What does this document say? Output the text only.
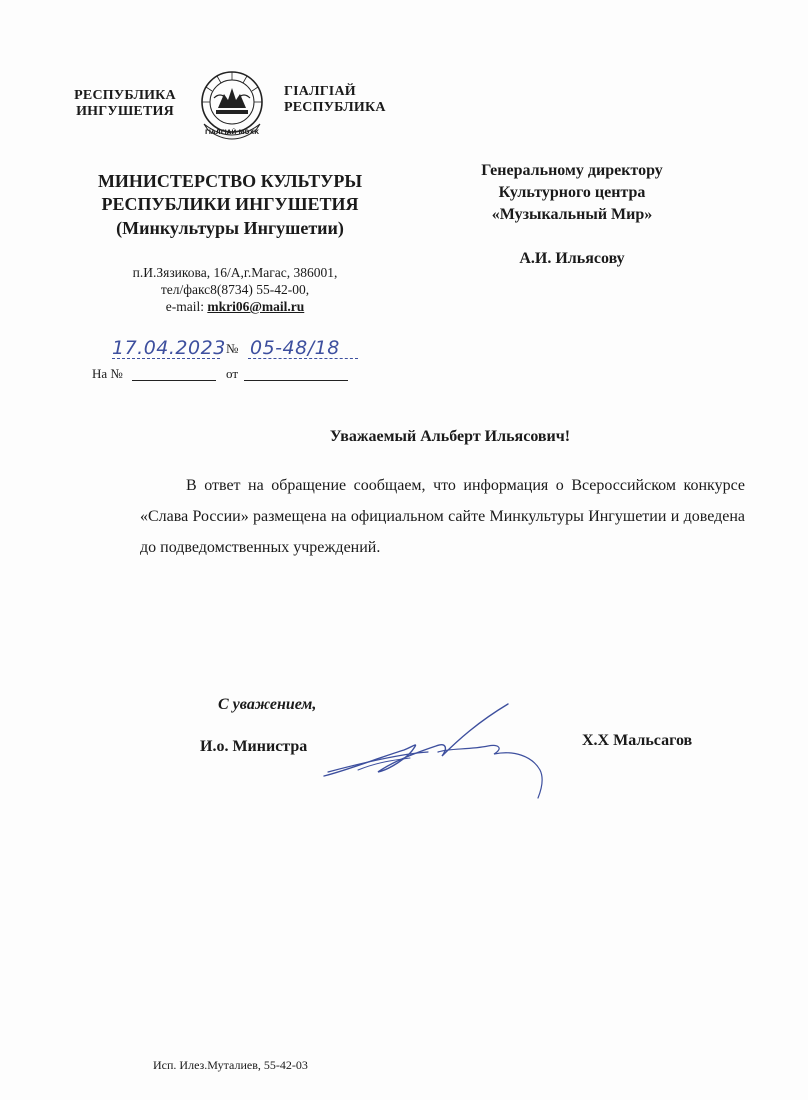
РЕСПУБЛИКА
ИНГУШЕТИЯ
ГIАЛГIАЙ МОХК
ГIАЛГIАЙ
РЕСПУБЛИКА
МИНИСТЕРСТВО КУЛЬТУРЫ
РЕСПУБЛИКИ ИНГУШЕТИЯ
(Минкультуры Ингушетии)
п.И.Зязикова, 16/А,г.Магас, 386001,
тел/факс8(8734) 55-42-00,
e-mail: mkri06@mail.ru
17.04.2023 № 05-48/18
На №	от
Генеральному директору
Культурного центра
«Музыкальный Мир»
А.И. Ильясову
Уважаемый Альберт Ильясович!
В ответ на обращение сообщаем, что информация о Всероссийском конкурсе «Слава России» размещена на официальном сайте Минкультуры Ингушетии и доведена до подведомственных учреждений.
С уважением,
И.о. Министра	Х.Х Мальсагов
Исп. Илез.Муталиев, 55-42-03
